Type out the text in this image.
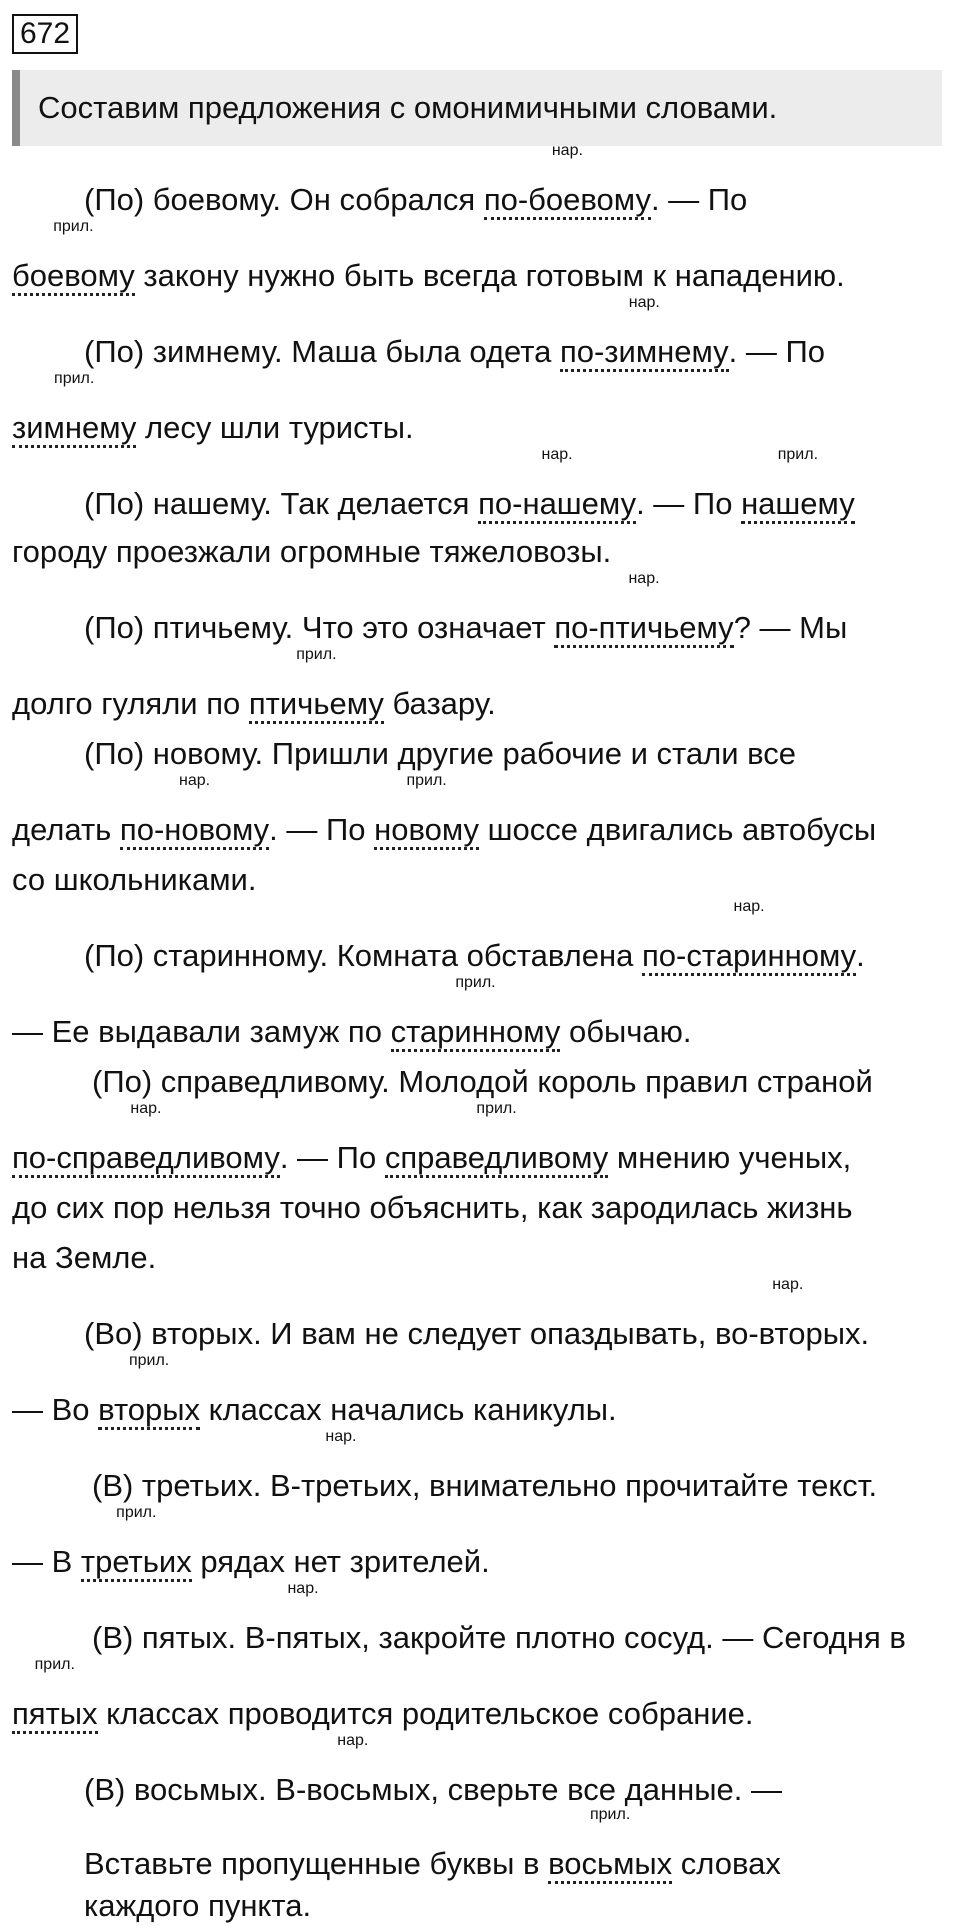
672
Составим предложения с омонимичными словами.
(По) боевому. Он собрался
нар.
по-боевому. — По
прил.
боевому закону нужно быть всегда готовым к нападению.
(По) зимнему. Маша была одета
нар.
по-зимнему. — По
прил.
зимнему лесу шли туристы.
(По) нашему. Так делается
нар.
по-нашему. — По
прил.
нашему
городу проезжали огромные тяжеловозы.
(По) птичьему. Что это означает
нар.
по-птичьему? — Мы
долго гуляли по
прил.
птичьему базару.
(По) новому. Пришли другие рабочие и стали все
делать
нар.
по-новому. — По
прил.
новому шоссе двигались автобусы
со школьниками.
(По) старинному. Комната обставлена
нар.
по-старинному.
— Ее выдавали замуж по
прил.
старинному обычаю.
(По) справедливому. Молодой король правил страной
нар.
по-справедливому. — По
прил.
справедливому мнению ученых,
до сих пор нельзя точно объяснить, как зародилась жизнь
на Земле.
(Во) вторых. И вам не следует опаздывать,
нар.
во-вторых.
— Во
прил.
вторых классах начались каникулы.
(В) третьих.
нар.
В-третьих, внимательно прочитайте текст.
— В
прил.
третьих рядах нет зрителей.
(В) пятых.
нар.
В-пятых, закройте плотно сосуд. — Сегодня в
прил.
пятых классах проводится родительское собрание.
(В) восьмых.
нар.
В-восьмых, сверьте все данные. —
Вставьте пропущенные буквы в
прил.
восьмых словах
каждого пункта.
